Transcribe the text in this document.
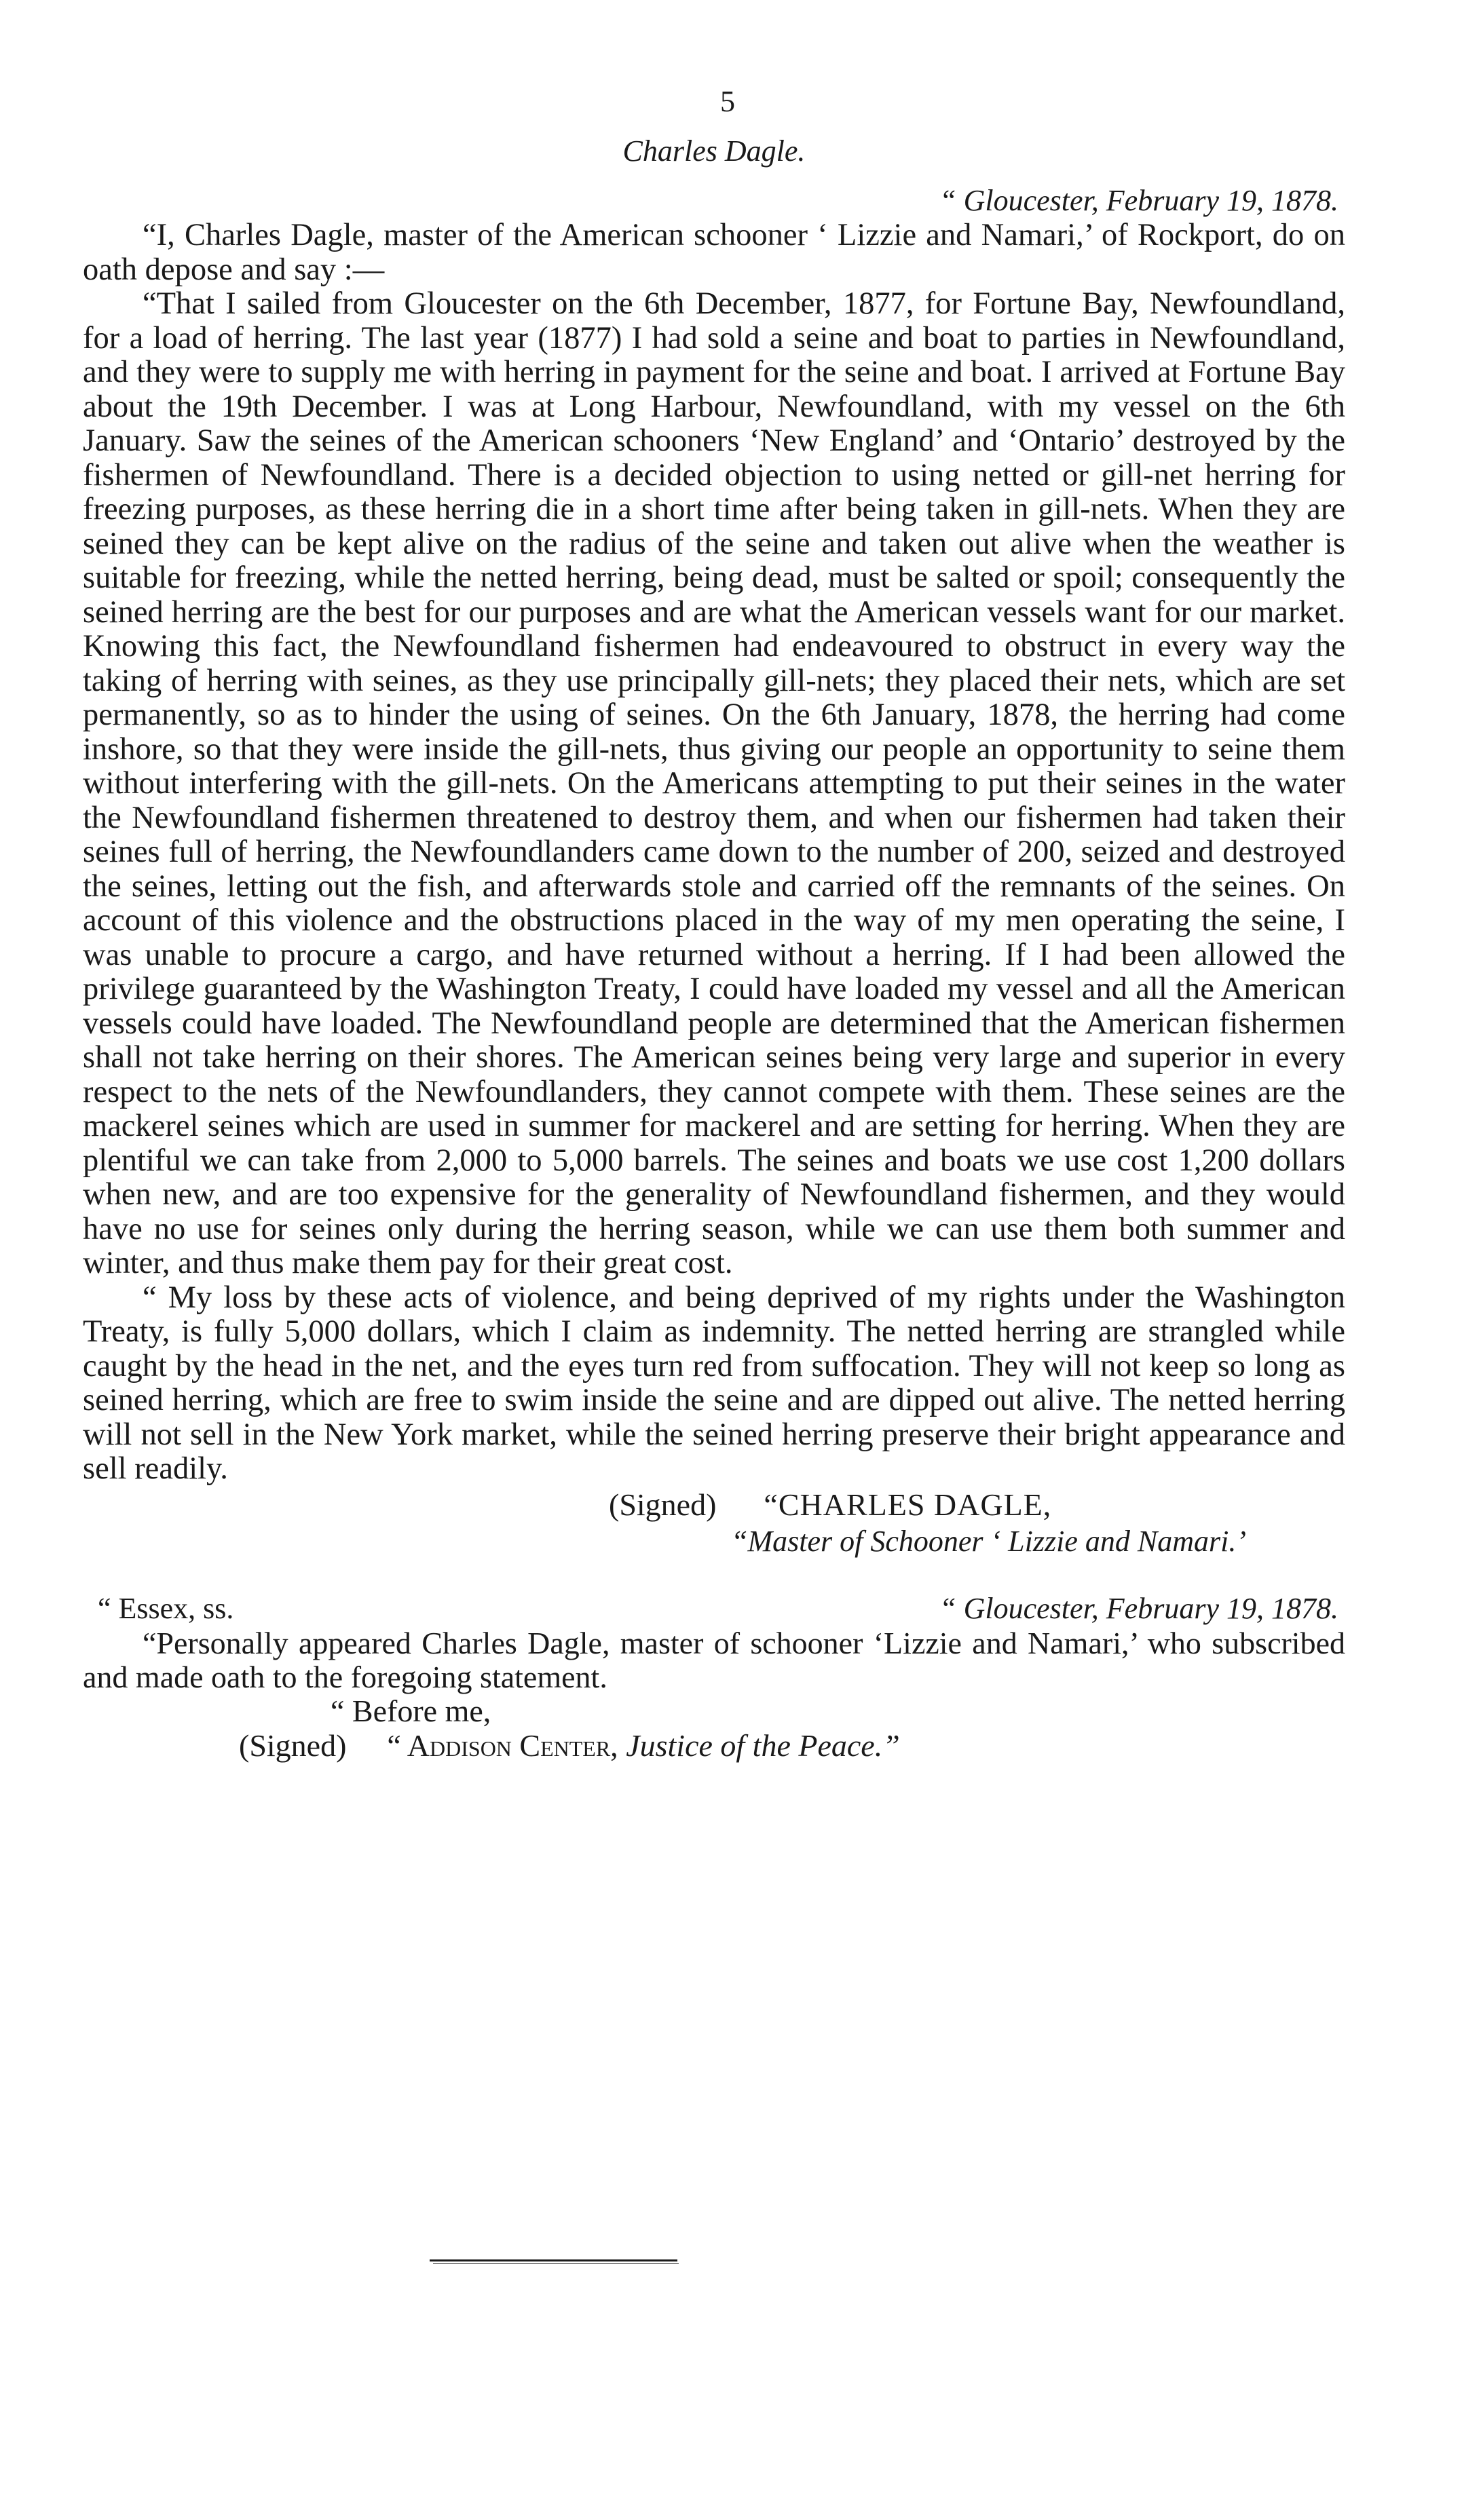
5
Charles Dagle.
“ Gloucester, February 19, 1878.

“I, Charles Dagle, master of the American schooner ‘ Lizzie and Namari,’ of Rockport, do on oath depose and say :—

“That I sailed from Gloucester on the 6th December, 1877, for Fortune Bay, Newfoundland, for a load of herring. The last year (1877) I had sold a seine and boat to parties in Newfoundland, and they were to supply me with herring in payment for the seine and boat. I arrived at Fortune Bay about the 19th December. I was at Long Harbour, Newfoundland, with my vessel on the 6th January. Saw the seines of the American schooners ‘New England’ and ‘Ontario’ destroyed by the fishermen of Newfoundland. There is a decided objection to using netted or gill-net herring for freezing purposes, as these herring die in a short time after being taken in gill-nets. When they are seined they can be kept alive on the radius of the seine and taken out alive when the weather is suitable for freezing, while the netted herring, being dead, must be salted or spoil; consequently the seined herring are the best for our purposes and are what the American vessels want for our market. Knowing this fact, the Newfoundland fishermen had endeavoured to obstruct in every way the taking of herring with seines, as they use principally gill-nets; they placed their nets, which are set permanently, so as to hinder the using of seines. On the 6th January, 1878, the herring had come inshore, so that they were inside the gill-nets, thus giving our people an opportunity to seine them without interfering with the gill-nets. On the Americans attempting to put their seines in the water the Newfoundland fishermen threatened to destroy them, and when our fishermen had taken their seines full of herring, the Newfoundlanders came down to the number of 200, seized and destroyed the seines, letting out the fish, and afterwards stole and carried off the remnants of the seines. On account of this violence and the obstructions placed in the way of my men operating the seine, I was unable to procure a cargo, and have returned without a herring. If I had been allowed the privilege guaranteed by the Washington Treaty, I could have loaded my vessel and all the American vessels could have loaded. The Newfoundland people are determined that the American fishermen shall not take herring on their shores. The American seines being very large and superior in every respect to the nets of the Newfoundlanders, they cannot compete with them. These seines are the mackerel seines which are used in summer for mackerel and are setting for herring. When they are plentiful we can take from 2,000 to 5,000 barrels. The seines and boats we use cost 1,200 dollars when new, and are too expensive for the generality of Newfoundland fishermen, and they would have no use for seines only during the herring season, while we can use them both summer and winter, and thus make them pay for their great cost.

“ My loss by these acts of violence, and being deprived of my rights under the Washington Treaty, is fully 5,000 dollars, which I claim as indemnity. The netted herring are strangled while caught by the head in the net, and the eyes turn red from suffocation. They will not keep so long as seined herring, which are free to swim inside the seine and are dipped out alive. The netted herring will not sell in the New York market, while the seined herring preserve their bright appearance and sell readily.

(Signed) “CHARLES DAGLE,
“Master of Schooner ‘ Lizzie and Namari.’
“ Essex, ss.	“ Gloucester, February 19, 1878.

“Personally appeared Charles Dagle, master of schooner ‘Lizzie and Namari,’ who subscribed and made oath to the foregoing statement.

“ Before me,
(Signed) “ Addison Center, Justice of the Peace.”
